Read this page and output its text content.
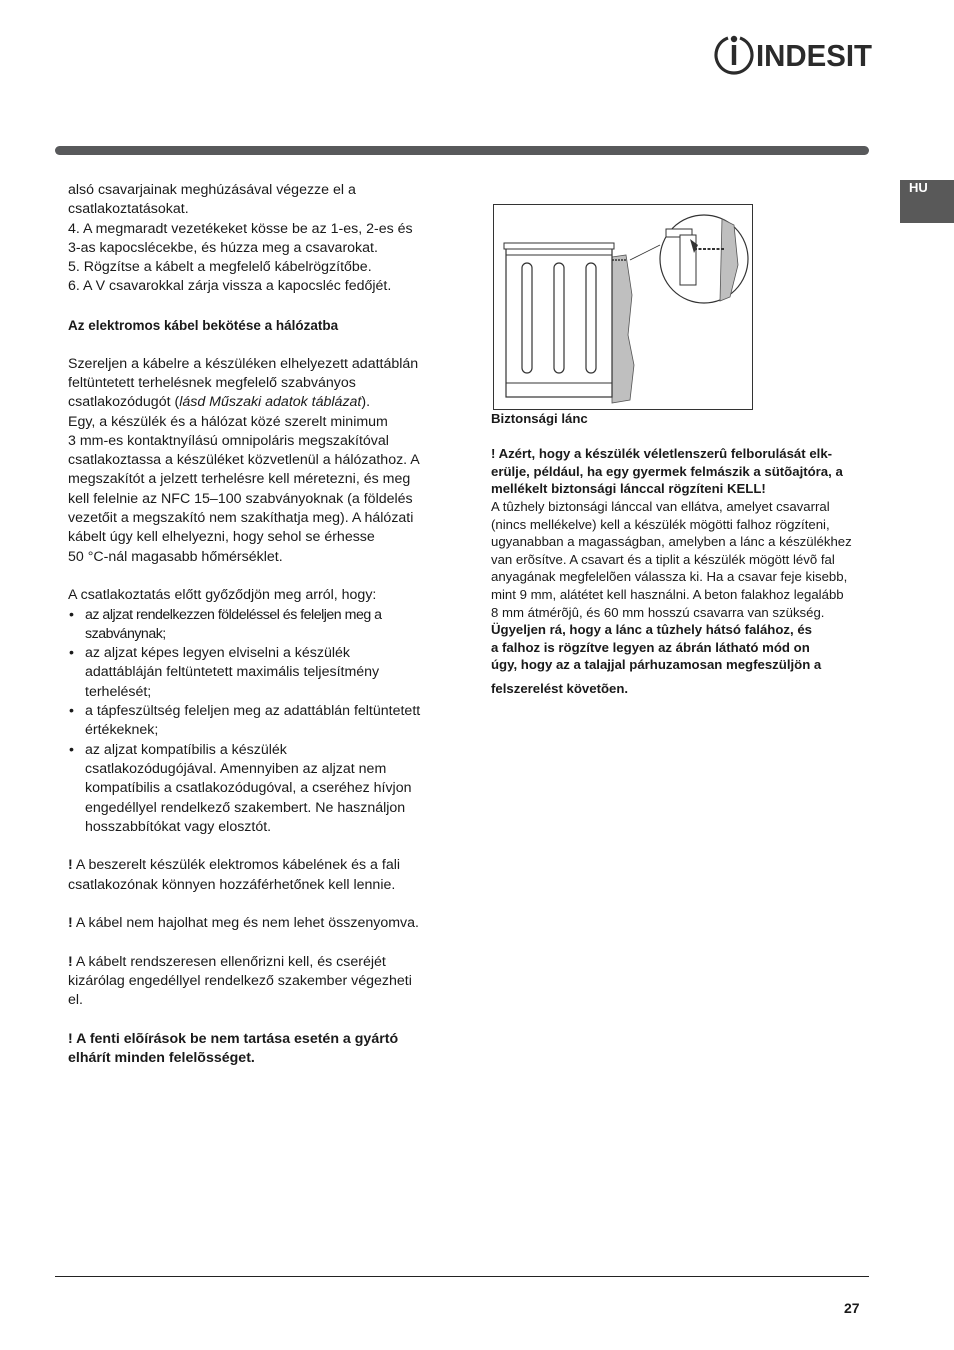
INDESIT
HU

alsó csavarjainak meghúzásával végezze el a

csatlakoztatásokat.

4. A megmaradt vezetékeket kösse be az 1-es, 2-es és

3-as kapocslécekbe, és húzza meg a csavarokat.

5. Rögzítse a kábelt a megfelelő kábelrögzítőbe.

6. A V csavarokkal zárja vissza a kapocsléc fedőjét.

Az elektromos kábel bekötése a hálózatba

Szereljen a kábelre a készüléken elhelyezett adattáblán

feltüntetett terhelésnek megfelelő szabványos

csatlakozódugót (lásd Műszaki adatok táblázat).

Egy, a készülék és a hálózat közé szerelt minimum

3 mm-es kontaktnyílású omnipoláris megszakítóval

csatlakoztassa a készüléket közvetlenül a hálózathoz. A

megszakítót a jelzett terhelésre kell méretezni, és meg

kell felelnie az NFC 15–100 szabványoknak (a földelés

vezetőit a megszakító nem szakíthatja meg). A hálózati

kábelt úgy kell elhelyezni, hogy sehol se érhesse

50 °C-nál magasabb hőmérséklet.

A csatlakoztatás előtt győződjön meg arról, hogy:

• az aljzat rendelkezzen földeléssel és feleljen meg a

szabványnak;

• az aljzat képes legyen elviselni a készülék

adattábláján feltüntetett maximális teljesítmény

terhelését;

• a tápfeszültség feleljen meg az adattáblán feltüntetett

értékeknek;

• az aljzat kompatíbilis a készülék

csatlakozódugójával. Amennyiben az aljzat nem

kompatíbilis a csatlakozódugóval, a cseréhez hívjon

engedéllyel rendelkező szakembert. Ne használjon

hosszabbítókat vagy elosztót.

! A beszerelt készülék elektromos kábelének és a fali

csatlakozónak könnyen hozzáférhetőnek kell lennie.

! A kábel nem hajolhat meg és nem lehet összenyomva.

! A kábelt rendszeresen ellenőrizni kell, és cseréjét

kizárólag engedéllyel rendelkező szakember végezheti

el.

! A fenti elõírások be nem tartása esetén a gyártó

elhárít minden felelõsséget.

Biztonsági lánc

! Azért, hogy a készülék véletlenszerû felborulását elk-

erülje, például, ha egy gyermek felmászik a sütõajtóra, a

mellékelt biztonsági lánccal rögzíteni KELL!

A tûzhely biztonsági lánccal van ellátva, amelyet csavarral

(nincs mellékelve) kell a készülék mögötti falhoz rögzíteni,

ugyanabban a magasságban, amelyben a lánc a készülékhez

van erõsítve. A csavart és a tiplit a készülék mögött lévõ fal

anyagának megfelelõen válassza ki. Ha a csavar feje kisebb,

mint 9 mm, alátétet kell használni. A beton falakhoz legalább

8 mm átmérõjû, és 60 mm hosszú csavarra van szükség.

Ügyeljen rá, hogy a lánc a tûzhely hátsó falához, és

a falhoz is rögzítve legyen az ábrán látható mód on

úgy, hogy az a talajjal párhuzamosan megfeszüljön a

felszerelést követõen.

27
